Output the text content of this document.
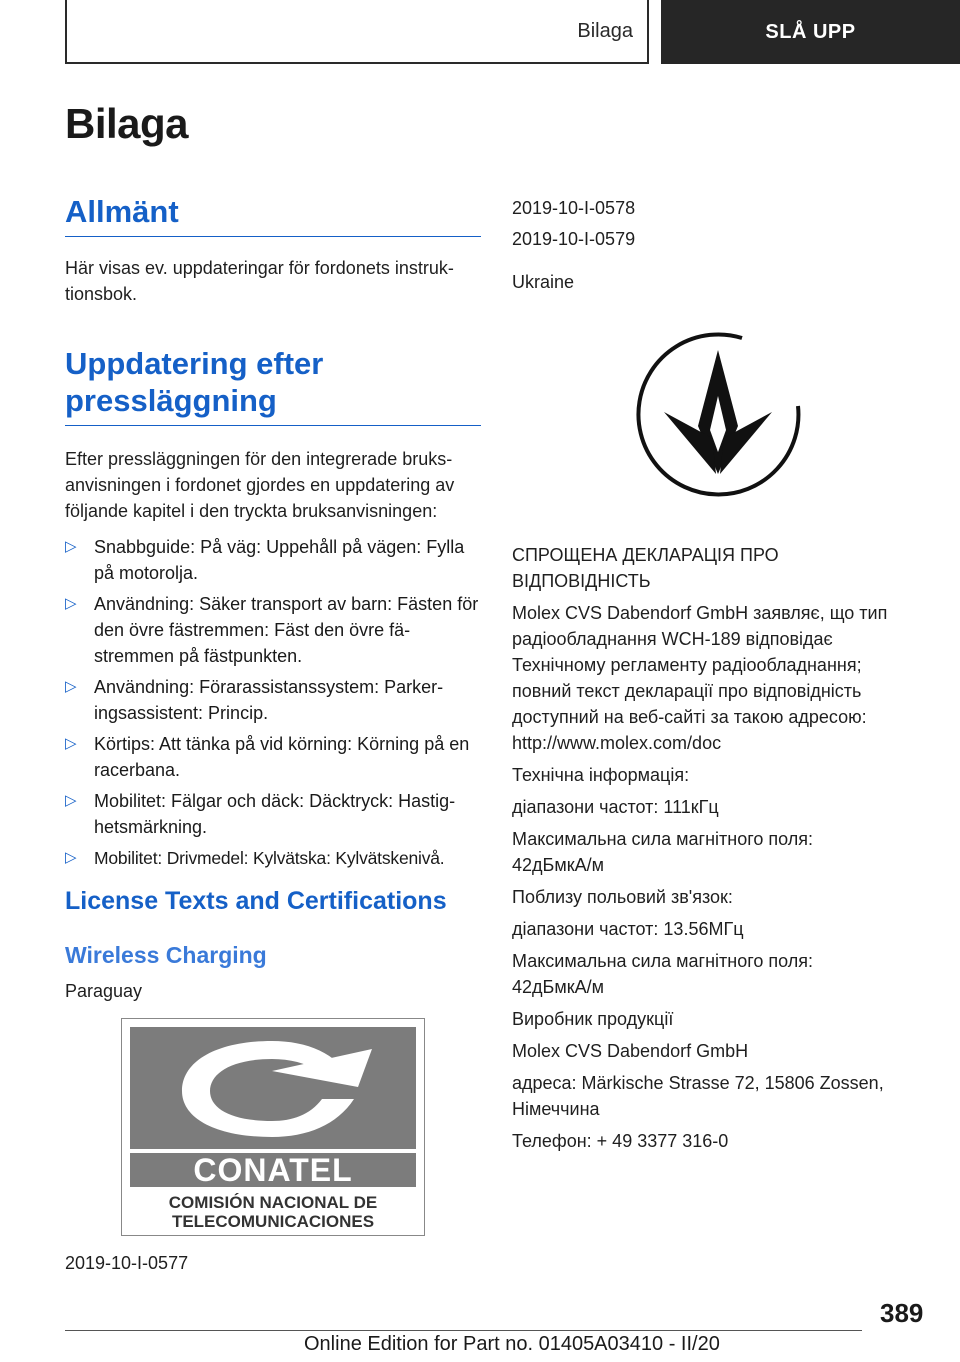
Bilaga	SLÅ UPP
Bilaga
Allmänt

Här visas ev. uppdateringar för fordonets instruk-tionsbok.

Uppdatering efter
pressläggning

Efter pressläggningen för den integrerade bruks-anvisningen i fordonet gjordes en uppdatering av följande kapitel i den tryckta bruksanvisningen:

▷ Snabbguide: På väg: Uppehåll på vägen: Fylla på motorolja.
▷ Användning: Säker transport av barn: Fästen för den övre fästremmen: Fäst den övre fä-stremmen på fästpunkten.
▷ Användning: Förarassistanssystem: Parker-ingsassistent: Princip.
▷ Körtips: Att tänka på vid körning: Körning på en racerbana.
▷ Mobilitet: Fälgar och däck: Däcktryck: Hastig-hetsmärkning.
▷ Mobilitet: Drivmedel: Kylvätska: Kylvätskenivå.
License Texts and Certifications
Wireless Charging

Paraguay

CONATEL
COMISIÓN NACIONAL DE
TELECOMUNICACIONES

2019-10-I-0577

2019-10-I-0578

2019-10-I-0579

Ukraine

СПРОЩЕНА ДЕКЛАРАЦІЯ ПРО ВІДПОВІДНІСТЬ

Molex CVS Dabendorf GmbH заявляє, що тип радіообладнання WCH-189 відповідає Технічному регламенту радіообладнання; повний текст декларації про відповідність доступний на веб-сайті за такою адресою: http://www.molex.com/doc

Технічна інформація:

діапазони частот: 111кГц

Максимальна сила магнітного поля: 42дБмкА/м

Поблизу польовий зв'язок:

діапазони частот: 13.56МГц

Максимальна сила магнітного поля: 42дБмкА/м

Виробник продукції

Molex CVS Dabendorf GmbH

адреса: Märkische Strasse 72, 15806 Zossen, Німеччина

Телефон: + 49 3377 316-0

389
Online Edition for Part no. 01405A03410 - II/20
